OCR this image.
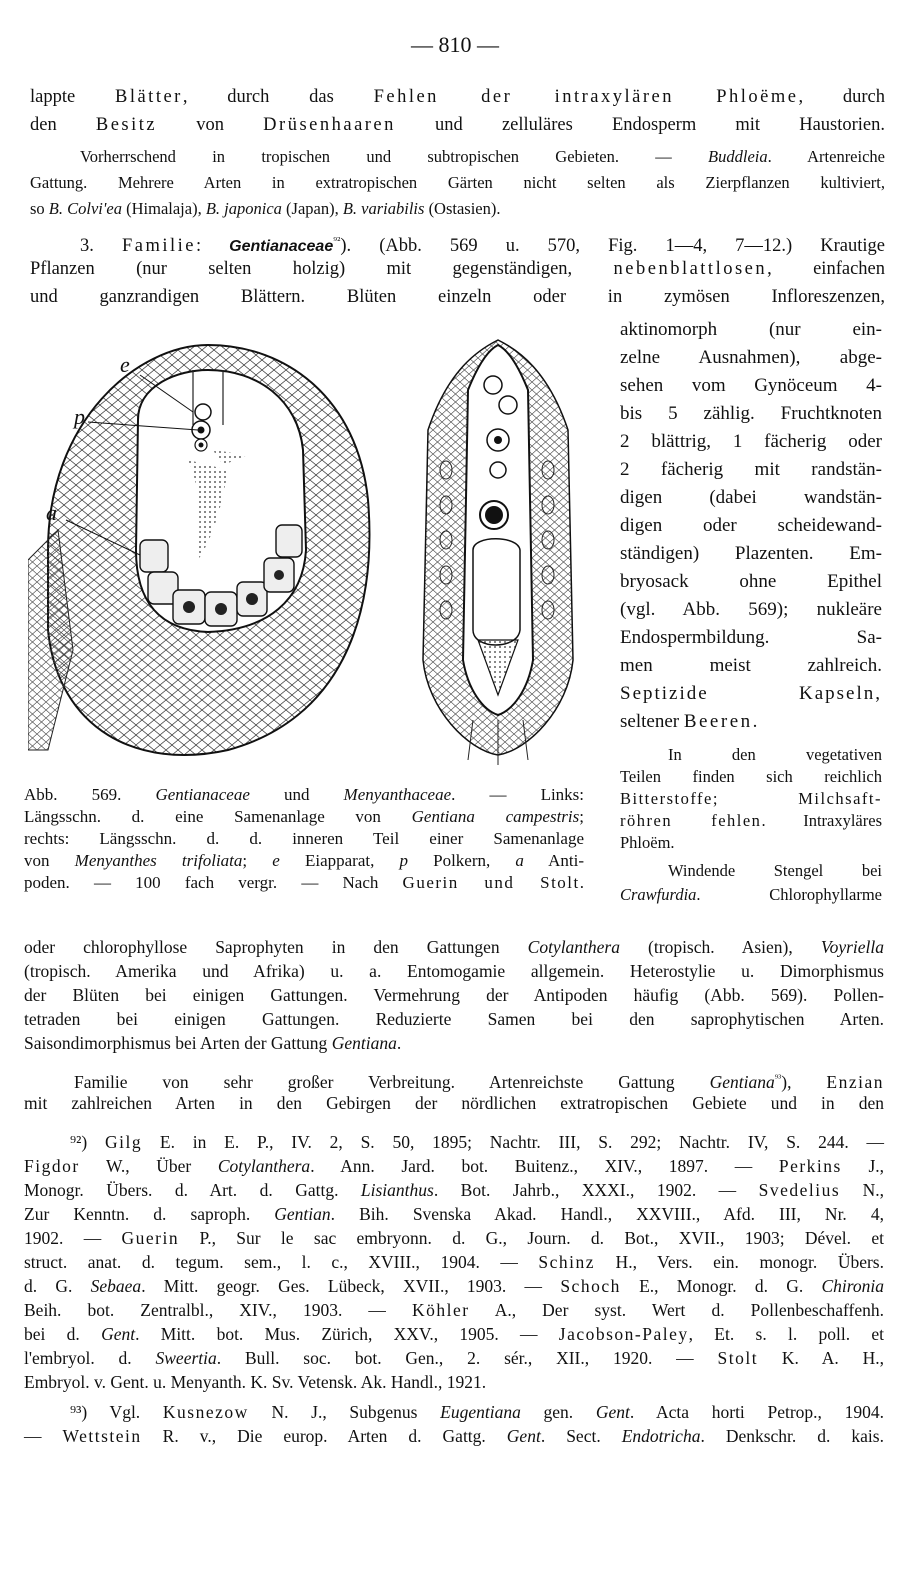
— 810 —
lappte Blätter, durch das Fehlen der intraxylären Phloëme, durch
den Besitz von Drüsenhaaren und zelluläres Endosperm mit Haustorien.
Vorherrschend in tropischen und subtropischen Gebieten. — Buddleia. Artenreiche
Gattung. Mehrere Arten in extratropischen Gärten nicht selten als Zierpflanzen kultiviert,
so B. Colvi'ea (Himalaja), B. japonica (Japan), B. variabilis (Ostasien).
3. Familie: Gentianaceae$^{^{92}}$). (Abb. 569 u. 570, Fig. 1—4, 7—12.) Krautige
Pflanzen (nur selten holzig) mit gegenständigen, nebenblattlosen, einfachen
und ganzrandigen Blättern. Blüten einzeln oder in zymösen Infloreszenzen,
aktinomorph (nur ein-
zelne Ausnahmen), abge-
sehen vom Gynöceum 4-
bis 5 zählig. Fruchtknoten
2 blättrig, 1 fächerig oder
2 fächerig mit randstän-
digen (dabei wandstän-
digen oder scheidewand-
ständigen) Plazenten. Em-
bryosack ohne Epithel
(vgl. Abb. 569); nukleäre
Endospermbildung. Sa-
men meist zahlreich.
Septizide Kapseln,
seltener Beeren.
In den vegetativen
Teilen finden sich reichlich
Bitterstoffe; Milchsaft-
röhren fehlen. Intraxyläres
Phloëm.
Windende Stengel bei
Crawfurdia. Chlorophyllarme
e
p
a
Abb. 569. Gentianaceae und Menyanthaceae. — Links:
Längsschn. d. eine Samenanlage von Gentiana campestris;
rechts: Längsschn. d. d. inneren Teil einer Samenanlage
von Menyanthes trifoliata; e Eiapparat, p Polkern, a Anti-
poden. — 100 fach vergr. — Nach Guerin und Stolt.
oder chlorophyllose Saprophyten in den Gattungen Cotylanthera (tropisch. Asien), Voyriella
(tropisch. Amerika und Afrika) u. a. Entomogamie allgemein. Heterostylie u. Dimorphismus
der Blüten bei einigen Gattungen. Vermehrung der Antipoden häufig (Abb. 569). Pollen-
tetraden bei einigen Gattungen. Reduzierte Samen bei den saprophytischen Arten.
Saisondimorphismus bei Arten der Gattung Gentiana.
Familie von sehr großer Verbreitung. Artenreichste Gattung Gentiana$^{^{93}}$), Enzian
mit zahlreichen Arten in den Gebirgen der nördlichen extratropischen Gebiete und in den
⁹²) Gilg E. in E. P., IV. 2, S. 50, 1895; Nachtr. III, S. 292; Nachtr. IV, S. 244. —
Figdor W., Über Cotylanthera. Ann. Jard. bot. Buitenz., XIV., 1897. — Perkins J.,
Monogr. Übers. d. Art. d. Gattg. Lisianthus. Bot. Jahrb., XXXI., 1902. — Svedelius N.,
Zur Kenntn. d. saproph. Gentian. Bih. Svenska Akad. Handl., XXVIII., Afd. III, Nr. 4,
1902. — Guerin P., Sur le sac embryonn. d. G., Journ. d. Bot., XVII., 1903; Dével. et
struct. anat. d. tegum. sem., l. c., XVIII., 1904. — Schinz H., Vers. ein. monogr. Übers.
d. G. Sebaea. Mitt. geogr. Ges. Lübeck, XVII., 1903. — Schoch E., Monogr. d. G. Chironia
Beih. bot. Zentralbl., XIV., 1903. — Köhler A., Der syst. Wert d. Pollenbeschaffenh.
bei d. Gent. Mitt. bot. Mus. Zürich, XXV., 1905. — Jacobson-Paley, Et. s. l. poll. et
l'embryol. d. Sweertia. Bull. soc. bot. Gen., 2. sér., XII., 1920. — Stolt K. A. H.,
Embryol. v. Gent. u. Menyanth. K. Sv. Vetensk. Ak. Handl., 1921.
⁹³) Vgl. Kusnezow N. J., Subgenus Eugentiana gen. Gent. Acta horti Petrop., 1904.
— Wettstein R. v., Die europ. Arten d. Gattg. Gent. Sect. Endotricha. Denkschr. d. kais.
